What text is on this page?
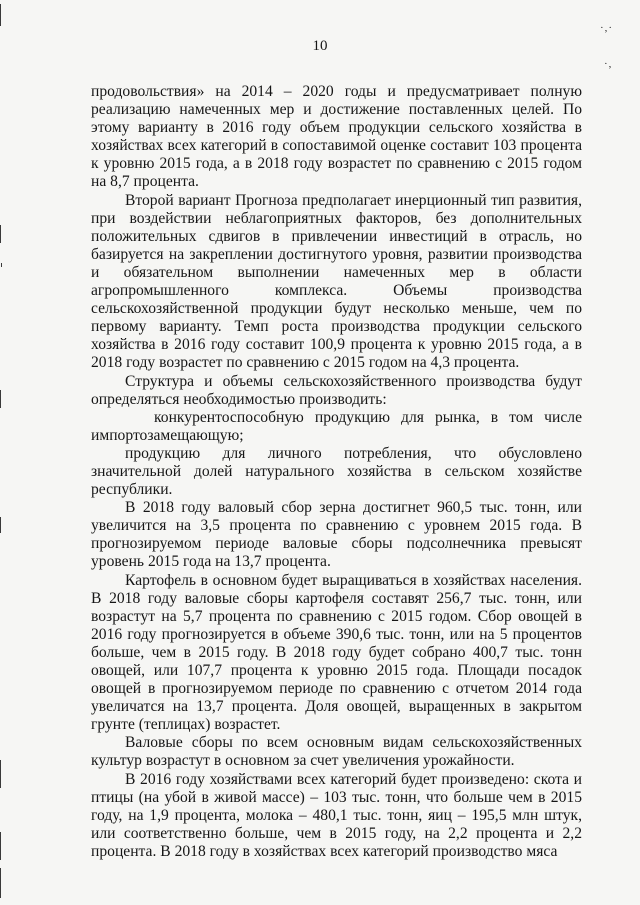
10
·,·
·,

продовольствия» на 2014 – 2020 годы и предусматривает полную реализацию намеченных мер и достижение поставленных целей. По этому варианту в 2016 году объем продукции сельского хозяйства в хозяйствах всех категорий в сопоставимой оценке составит 103 процента к уровню 2015 года, а в 2018 году возрастет по сравнению с 2015 годом на 8,7 процента.

Второй вариант Прогноза предполагает инерционный тип развития, при воздействии неблагоприятных факторов, без дополнительных положительных сдвигов в привлечении инвестиций в отрасль, но базируется на закреплении достигнутого уровня, развитии производства и обязательном выполнении намеченных мер в области агропромышленного комплекса. Объемы производства сельскохозяйственной продукции будут несколько меньше, чем по первому варианту. Темп роста производства продукции сельского хозяйства в 2016 году составит 100,9 процента к уровню 2015 года, а в 2018 году возрастет по сравнению с 2015 годом на 4,3 процента.

Структура и объемы сельскохозяйственного производства будут определяться необходимостью производить:

конкурентоспособную продукцию для рынка, в том числе импортозамещающую;

продукцию для личного потребления, что обусловлено значительной долей натурального хозяйства в сельском хозяйстве республики.

В 2018 году валовый сбор зерна достигнет 960,5 тыс. тонн, или увеличится на 3,5 процента по сравнению с уровнем 2015 года. В прогнозируемом периоде валовые сборы подсолнечника превысят уровень 2015 года на 13,7 процента.

Картофель в основном будет выращиваться в хозяйствах населения. В 2018 году валовые сборы картофеля составят 256,7 тыс. тонн, или возрастут на 5,7 процента по сравнению с 2015 годом. Сбор овощей в 2016 году прогнозируется в объеме 390,6 тыс. тонн, или на 5 процентов больше, чем в 2015 году. В 2018 году будет собрано 400,7 тыс. тонн овощей, или 107,7 процента к уровню 2015 года. Площади посадок овощей в прогнозируемом периоде по сравнению с отчетом 2014 года увеличатся на 13,7 процента. Доля овощей, выращенных в закрытом грунте (теплицах) возрастет.

Валовые сборы по всем основным видам сельскохозяйственных культур возрастут в основном за счет увеличения урожайности.

В 2016 году хозяйствами всех категорий будет произведено: скота и птицы (на убой в живой массе) – 103 тыс. тонн, что больше чем в 2015 году, на 1,9 процента, молока – 480,1 тыс. тонн, яиц – 195,5 млн штук, или соответственно больше, чем в 2015 году, на 2,2 процента и 2,2 процента. В 2018 году в хозяйствах всех категорий производство мяса
